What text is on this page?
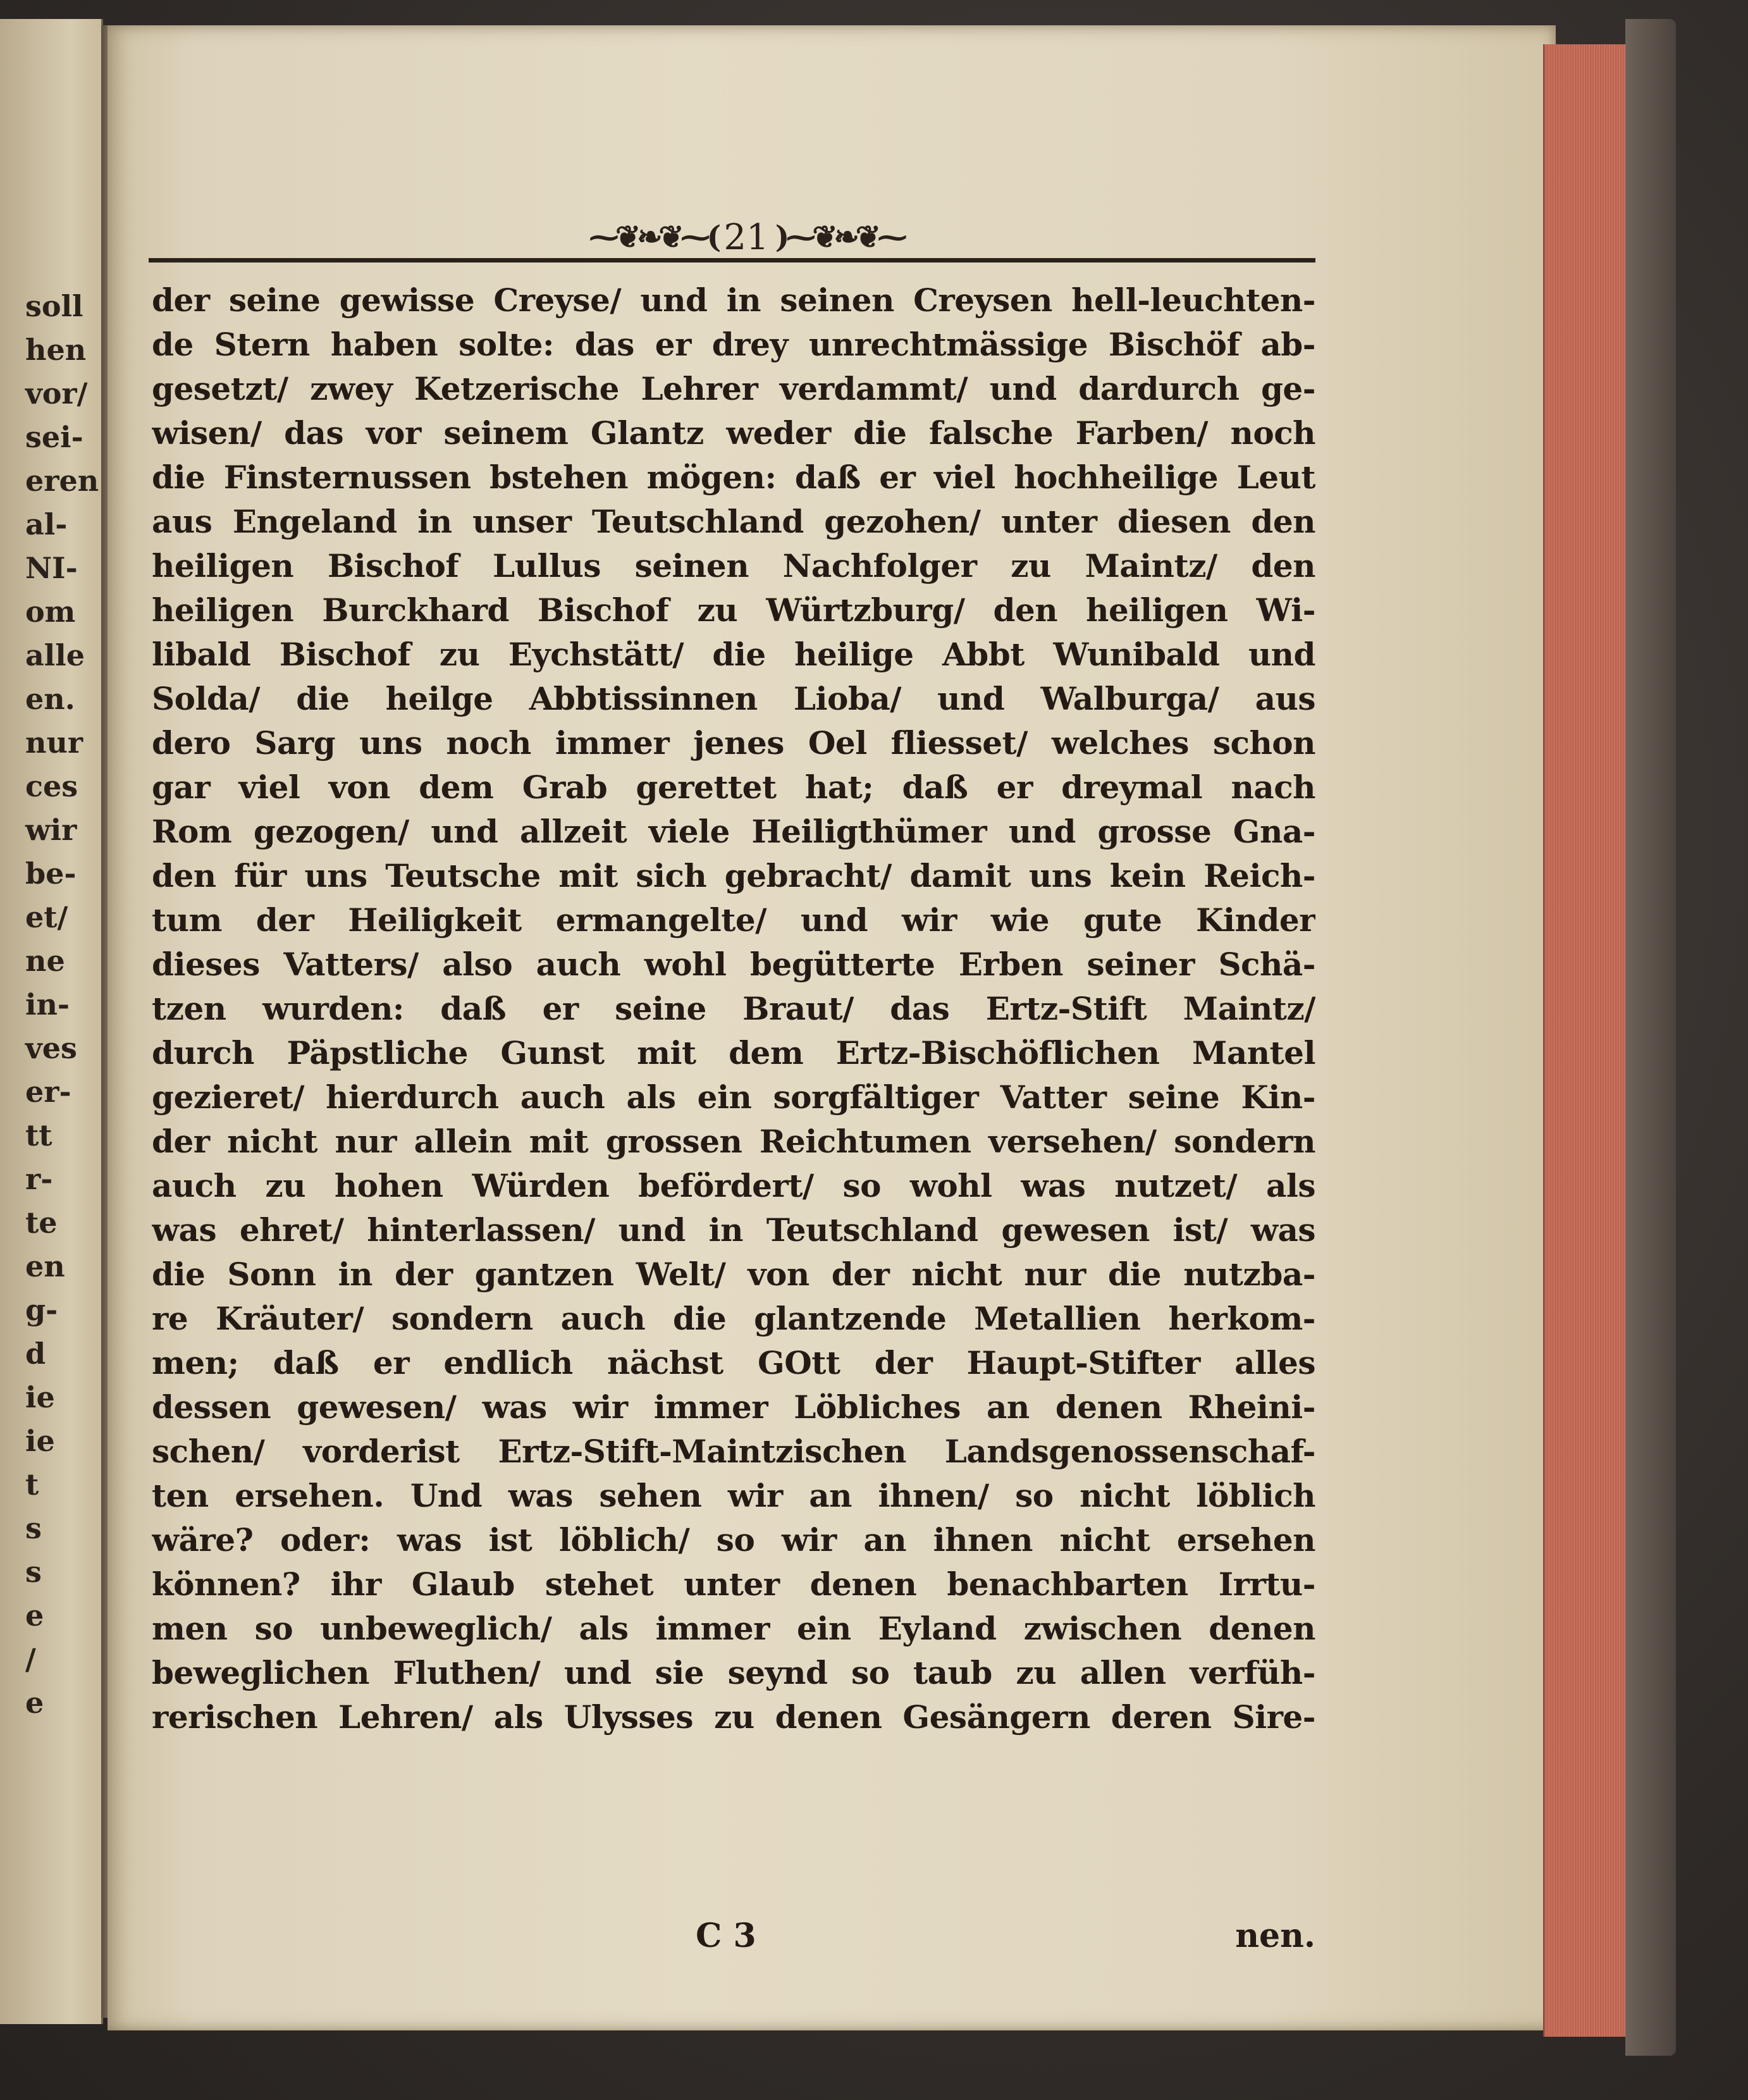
soll
hen
vor/
sei-
eren
al-
NI-
om
alle
en.
nur
ces
wir
be-
et/
ne
in-
ves
er-
tt
r-
te
en
g-
d
ie
ie
t
s
s
e
/
e
⁓❦❧❦⁓( 21 )⁓❦❧❦⁓
der seine gewisse Creyse/ und in seinen Creysen hell-leuchten-
de Stern haben solte: das er drey unrechtmässige Bischöf ab-
gesetzt/ zwey Ketzerische Lehrer verdammt/ und dardurch ge-
wisen/ das vor seinem Glantz weder die falsche Farben/ noch
die Finsternussen bstehen mögen: daß er viel hochheilige Leut
aus Engeland in unser Teutschland gezohen/ unter diesen den
heiligen Bischof Lullus seinen Nachfolger zu Maintz/ den
heiligen Burckhard Bischof zu Würtzburg/ den heiligen Wi-
libald Bischof zu Eychstätt/ die heilige Abbt Wunibald und
Solda/ die heilge Abbtissinnen Lioba/ und Walburga/ aus
dero Sarg uns noch immer jenes Oel fliesset/ welches schon
gar viel von dem Grab gerettet hat; daß er dreymal nach
Rom gezogen/ und allzeit viele Heiligthümer und grosse Gna-
den für uns Teutsche mit sich gebracht/ damit uns kein Reich-
tum der Heiligkeit ermangelte/ und wir wie gute Kinder
dieses Vatters/ also auch wohl begütterte Erben seiner Schä-
tzen wurden: daß er seine Braut/ das Ertz-Stift Maintz/
durch Päpstliche Gunst mit dem Ertz-Bischöflichen Mantel
gezieret/ hierdurch auch als ein sorgfältiger Vatter seine Kin-
der nicht nur allein mit grossen Reichtumen versehen/ sondern
auch zu hohen Würden befördert/ so wohl was nutzet/ als
was ehret/ hinterlassen/ und in Teutschland gewesen ist/ was
die Sonn in der gantzen Welt/ von der nicht nur die nutzba-
re Kräuter/ sondern auch die glantzende Metallien herkom-
men; daß er endlich nächst GOtt der Haupt-Stifter alles
dessen gewesen/ was wir immer Löbliches an denen Rheini-
schen/ vorderist Ertz-Stift-Maintzischen Landsgenossenschaf-
ten ersehen. Und was sehen wir an ihnen/ so nicht löblich
wäre? oder: was ist löblich/ so wir an ihnen nicht ersehen
können? ihr Glaub stehet unter denen benachbarten Irrtu-
men so unbeweglich/ als immer ein Eyland zwischen denen
beweglichen Fluthen/ und sie seynd so taub zu allen verfüh-
rerischen Lehren/ als Ulysses zu denen Gesängern deren Sire-
C 3	nen.
